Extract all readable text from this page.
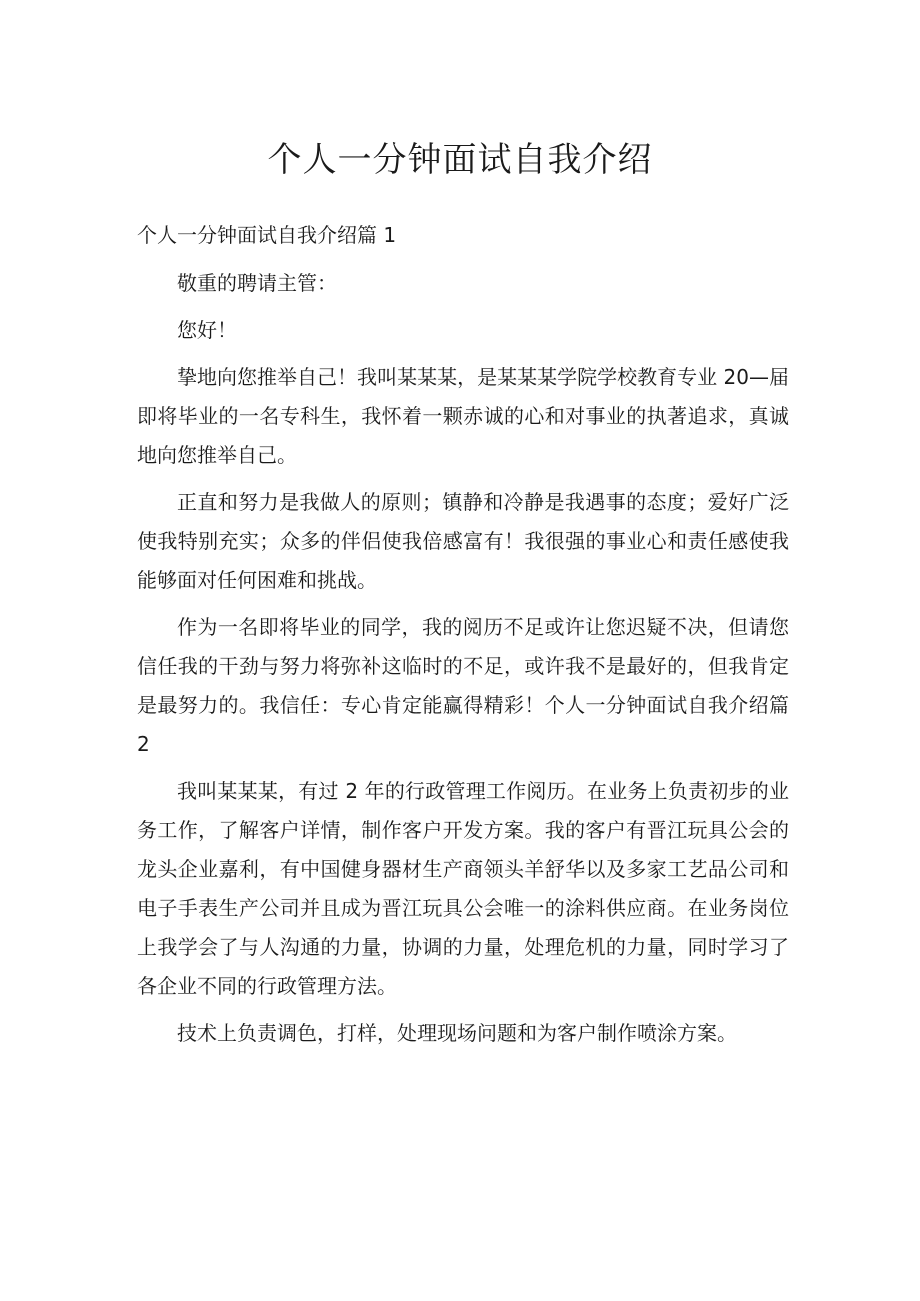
个人一分钟面试自我介绍

个人一分钟面试自我介绍篇 1

敬重的聘请主管：

您好！

挚地向您推举自己！我叫某某某，是某某某学院学校教育专业 20—届即将毕业的一名专科生，我怀着一颗赤诚的心和对事业的执著追求，真诚地向您推举自己。

正直和努力是我做人的原则；镇静和冷静是我遇事的态度；爱好广泛使我特别充实；众多的伴侣使我倍感富有！我很强的事业心和责任感使我能够面对任何困难和挑战。

作为一名即将毕业的同学，我的阅历不足或许让您迟疑不决，但请您信任我的干劲与努力将弥补这临时的不足，或许我不是最好的，但我肯定是最努力的。我信任：专心肯定能赢得精彩！个人一分钟面试自我介绍篇 2

我叫某某某，有过 2 年的行政管理工作阅历。在业务上负责初步的业务工作，了解客户详情，制作客户开发方案。我的客户有晋江玩具公会的龙头企业嘉利，有中国健身器材生产商领头羊舒华以及多家工艺品公司和电子手表生产公司并且成为晋江玩具公会唯一的涂料供应商。在业务岗位上我学会了与人沟通的力量，协调的力量，处理危机的力量，同时学习了各企业不同的行政管理方法。

技术上负责调色，打样，处理现场问题和为客户制作喷涂方案。
